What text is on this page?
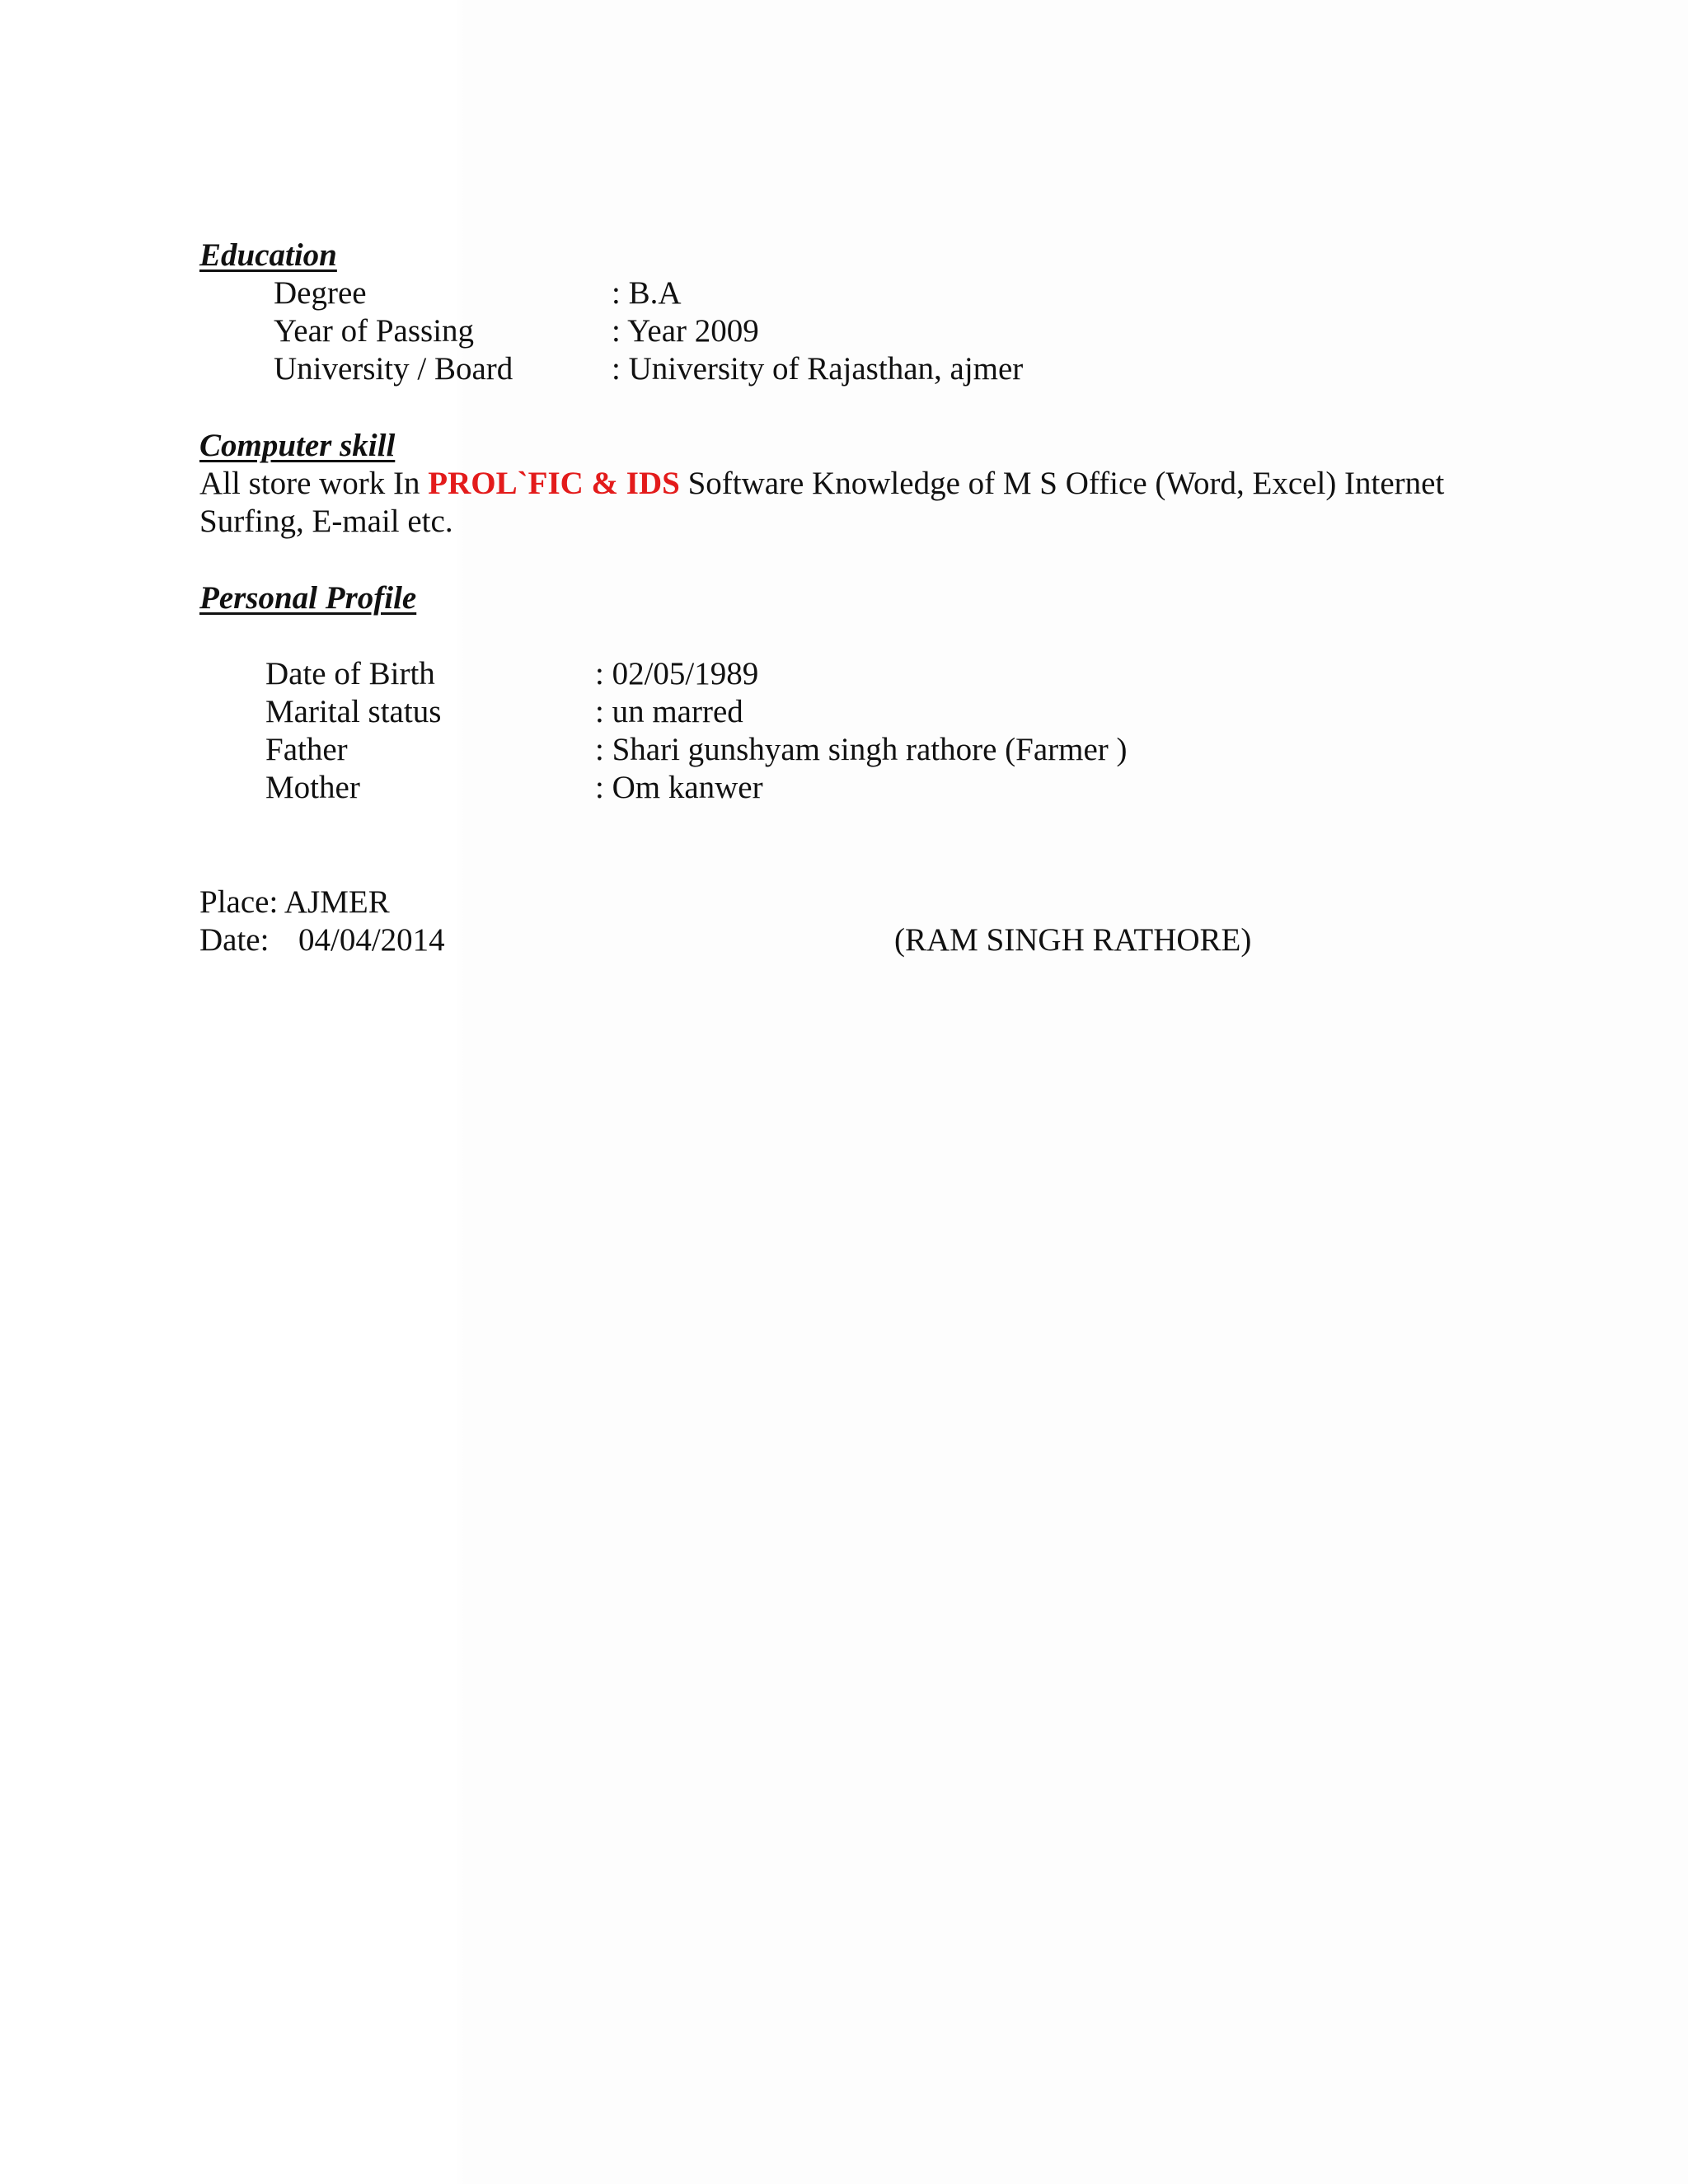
Education
Degree	: B.A
Year of Passing	: Year 2009
University / Board	: University of Rajasthan, ajmer
Computer skill
All store work In PROL`FIC & IDS Software Knowledge of M S Office (Word, Excel) Internet Surfing, E-mail etc.
Personal Profile
Date of Birth	: 02/05/1989
Marital status	: un marred
Father	: Shari gunshyam singh rathore (Farmer )
Mother	: Om kanwer
Place: AJMER
Date: 04/04/2014	(RAM SINGH RATHORE)
